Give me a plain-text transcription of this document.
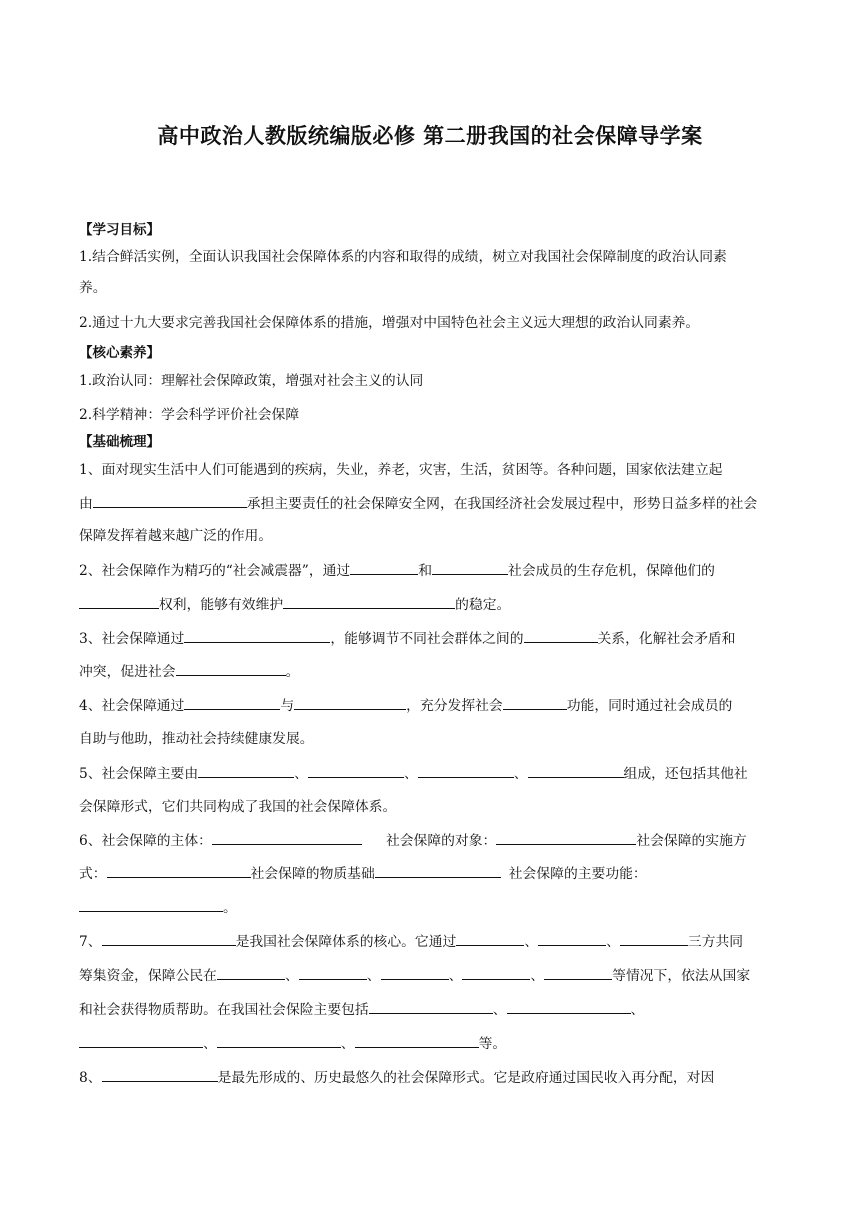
高中政治人教版统编版必修 第二册我国的社会保障导学案
【学习目标】
1.结合鲜活实例，全面认识我国社会保障体系的内容和取得的成绩，树立对我国社会保障制度的政治认同素
养。
2.通过十九大要求完善我国社会保障体系的措施，增强对中国特色社会主义远大理想的政治认同素养。
【核心素养】
1.政治认同：理解社会保障政策，增强对社会主义的认同
2.科学精神：学会科学评价社会保障
【基础梳理】
1、面对现实生活中人们可能遇到的疾病，失业，养老，灾害，生活，贫困等。各种问题，国家依法建立起
由	承担主要责任的社会保障安全网，在我国经济社会发展过程中，形势日益多样的社会
保障发挥着越来越广泛的作用。
2、社会保障作为精巧的“社会减震器”，通过	和	社会成员的生存危机，保障他们的
权利，能够有效维护	的稳定。
3、社会保障通过	，能够调节不同社会群体之间的	关系，化解社会矛盾和
冲突，促进社会	。
4、社会保障通过	与	，充分发挥社会	功能，同时通过社会成员的
自助与他助，推动社会持续健康发展。
5、社会保障主要由	、	、	、	组成，还包括其他社
会保障形式，它们共同构成了我国的社会保障体系。
6、社会保障的主体：	社会保障的对象：	社会保障的实施方
式：	社会保障的物质基础	社会保障的主要功能：
。
7、	是我国社会保障体系的核心。它通过	、	、	三方共同
筹集资金，保障公民在	、	、	、	、	等情况下，依法从国家
和社会获得物质帮助。在我国社会保险主要包括	、	、
、	、	等。
8、	是最先形成的、历史最悠久的社会保障形式。它是政府通过国民收入再分配，对因
